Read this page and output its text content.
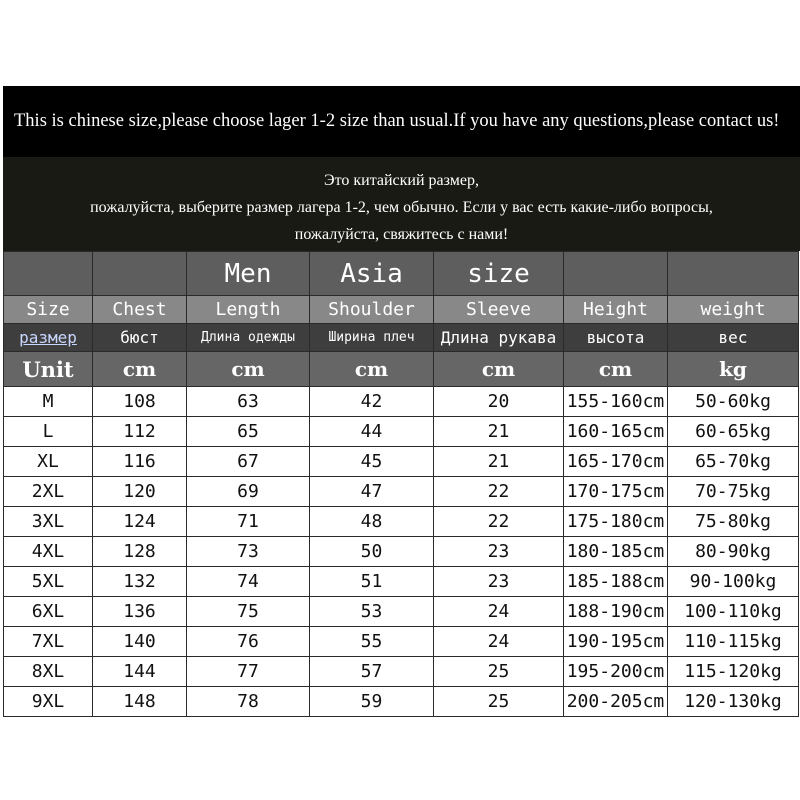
This is chinese size,please choose lager 1-2 size than usual.If you have any questions,please contact us!
Это китайский размер,
пожалуйста, выберите размер лагера 1-2, чем обычно. Если у вас есть какие-либо вопросы,
пожалуйста, свяжитесь с нами!
		Men	Asia	size		
Size	Chest	Length	Shoulder	Sleeve	Height	weight
размер	бюст	Длина одежды	Ширина плеч	Длина рукава	высота	вес
Unit	cm	cm	cm	cm	cm	kg
M	108	63	42	20	155-160cm	50-60kg
L	112	65	44	21	160-165cm	60-65kg
XL	116	67	45	21	165-170cm	65-70kg
2XL	120	69	47	22	170-175cm	70-75kg
3XL	124	71	48	22	175-180cm	75-80kg
4XL	128	73	50	23	180-185cm	80-90kg
5XL	132	74	51	23	185-188cm	90-100kg
6XL	136	75	53	24	188-190cm	100-110kg
7XL	140	76	55	24	190-195cm	110-115kg
8XL	144	77	57	25	195-200cm	115-120kg
9XL	148	78	59	25	200-205cm	120-130kg
